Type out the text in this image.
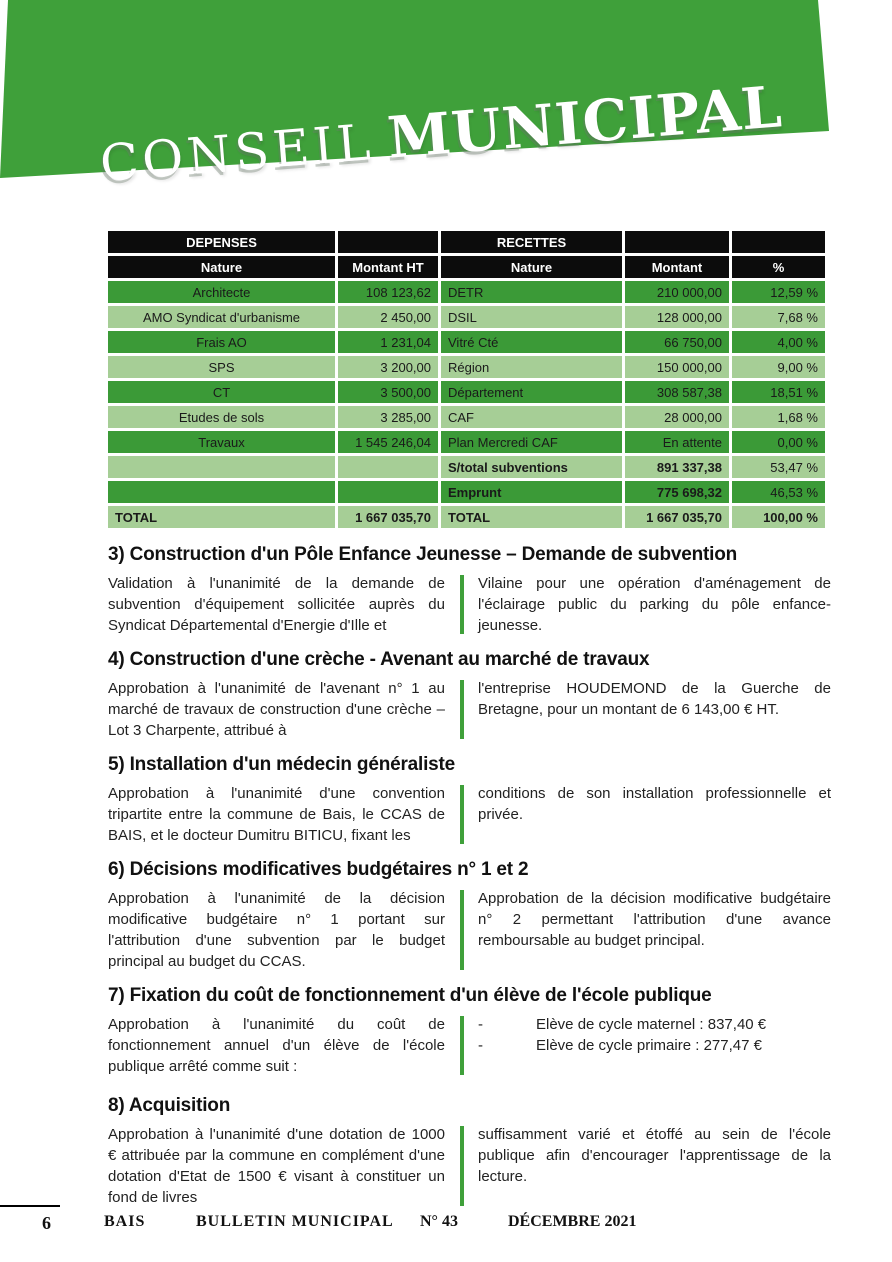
CONSEIL MUNICIPAL
DEPENSES		RECETTES		
Nature	Montant HT	Nature	Montant	%
Architecte	108 123,62	DETR	210 000,00	12,59 %
AMO Syndicat d'urbanisme	2 450,00	DSIL	128 000,00	7,68 %
Frais AO	1 231,04	Vitré Cté	66 750,00	4,00 %
SPS	3 200,00	Région	150 000,00	9,00 %
CT	3 500,00	Département	308 587,38	18,51 %
Etudes de sols	3 285,00	CAF	28 000,00	1,68 %
Travaux	1 545 246,04	Plan Mercredi CAF	En attente	0,00 %
		S/total subventions	891 337,38	53,47 %
		Emprunt	775 698,32	46,53 %
TOTAL	1 667 035,70	TOTAL	1 667 035,70	100,00 %
3) Construction d'un Pôle Enfance Jeunesse – Demande de subvention
Validation à l'unanimité de la demande de subvention d'équipement sollicitée auprès du Syndicat Départemental d'Energie d'Ille et
Vilaine pour une opération d'aménagement de l'éclairage public du parking du pôle enfance-jeunesse.
4) Construction d'une crèche - Avenant au marché de travaux
Approbation à l'unanimité de l'avenant n° 1 au marché de travaux de construction d'une crèche – Lot 3 Charpente, attribué à
l'entreprise HOUDEMOND de la Guerche de Bretagne, pour un montant de 6 143,00 € HT.
5) Installation d'un médecin généraliste
Approbation à l'unanimité d'une convention tripartite entre la commune de Bais, le CCAS de BAIS, et le docteur Dumitru BITICU, fixant les
conditions de son installation professionnelle et privée.
6) Décisions modificatives budgétaires n° 1 et 2
Approbation à l'unanimité de la décision modificative budgétaire n° 1 portant sur l'attribution d'une subvention par le budget principal au budget du CCAS.
Approbation de la décision modificative budgétaire n° 2 permettant l'attribution d'une avance remboursable au budget principal.
7) Fixation du coût de fonctionnement d'un élève de l'école publique
Approbation à l'unanimité du coût de fonctionnement annuel d'un élève de l'école publique arrêté comme suit :
-	Elève de cycle maternel : 837,40 €
-	Elève de cycle primaire : 277,47 €
8) Acquisition
Approbation à l'unanimité d'une dotation de 1000 € attribuée par la commune en complément d'une dotation d'Etat de 1500 € visant à constituer un fond de livres
suffisamment varié et étoffé au sein de l'école publique afin d'encourager l'apprentissage de la lecture.
6	BAIS	BULLETIN MUNICIPAL N° 43	DÉCEMBRE 2021
